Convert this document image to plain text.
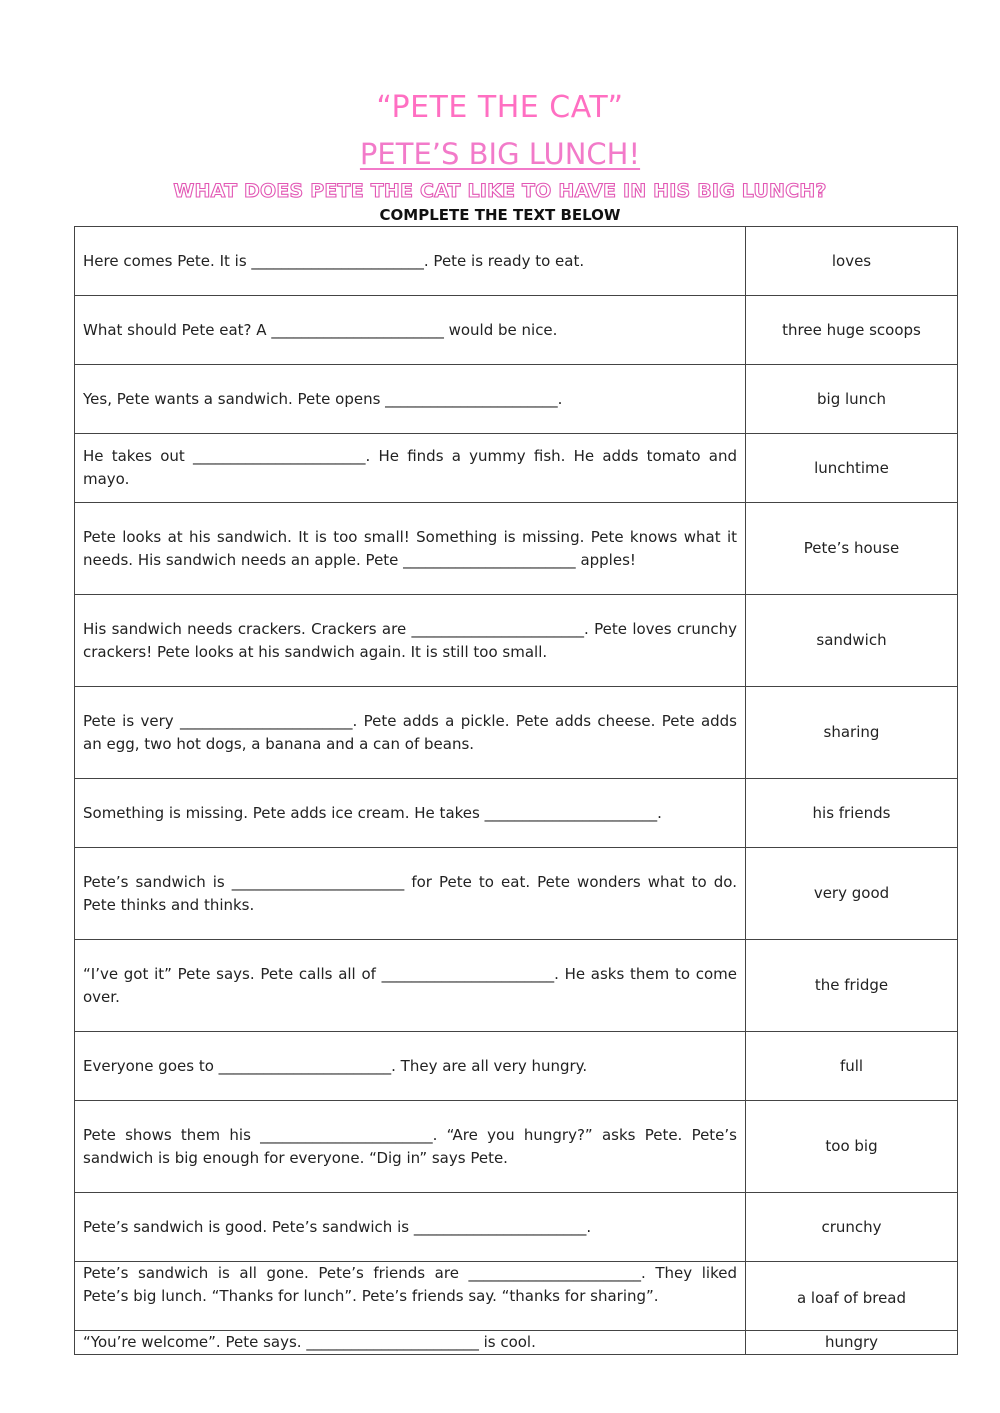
“PETE THE CAT”
PETE’S BIG LUNCH!
WHAT DOES PETE THE CAT LIKE TO HAVE IN HIS BIG LUNCH?
COMPLETE THE TEXT BELOW
Here comes Pete. It is _______________________. Pete is ready to eat.	loves
What should Pete eat? A _______________________ would be nice.	three huge scoops
Yes, Pete wants a sandwich. Pete opens _______________________.	big lunch
He takes out _______________________. He finds a yummy fish. He adds tomato and mayo.	lunchtime
Pete looks at his sandwich. It is too small! Something is missing. Pete knows what it needs. His sandwich needs an apple. Pete _______________________ apples!	Pete’s house
His sandwich needs crackers. Crackers are _______________________. Pete loves crunchy crackers! Pete looks at his sandwich again. It is still too small.	sandwich
Pete is very _______________________. Pete adds a pickle. Pete adds cheese. Pete adds an egg, two hot dogs, a banana and a can of beans.	sharing
Something is missing. Pete adds ice cream. He takes _______________________.	his friends
Pete’s sandwich is _______________________ for Pete to eat. Pete wonders what to do. Pete thinks and thinks.	very good
“I’ve got it” Pete says. Pete calls all of _______________________. He asks them to come over.	the fridge
Everyone goes to _______________________. They are all very hungry.	full
Pete shows them his _______________________. “Are you hungry?” asks Pete. Pete’s sandwich is big enough for everyone. “Dig in” says Pete.	too big
Pete’s sandwich is good. Pete’s sandwich is _______________________.	crunchy
Pete’s sandwich is all gone. Pete’s friends are _______________________. They liked Pete’s big lunch. “Thanks for lunch”. Pete’s friends say. “thanks for sharing”.	a loaf of bread
“You’re welcome”. Pete says. _______________________ is cool.	hungry
